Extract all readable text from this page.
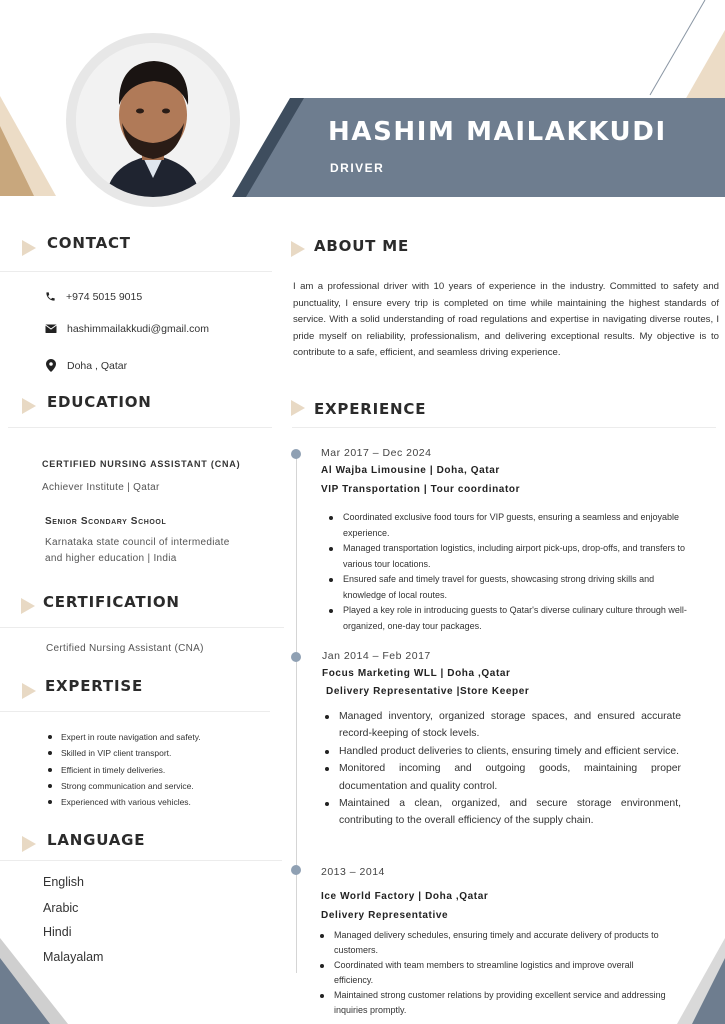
HASHIM MAILAKKUDI
DRIVER
CONTACT
+974 5015 9015
hashimmailakkudi@gmail.com
Doha , Qatar
EDUCATION
CERTIFIED NURSING ASSISTANT (CNA)
Achiever Institute | Qatar
Senior Scondary School
Karnataka state council of intermediate
and higher education | India
CERTIFICATION
Certified Nursing Assistant (CNA)
EXPERTISE
Expert in route navigation and safety.
Skilled in VIP client transport.
Efficient in timely deliveries.
Strong communication and service.
Experienced with various vehicles.
LANGUAGE
English
Arabic
Hindi
Malayalam
ABOUT ME
I am a professional driver with 10 years of experience in the industry. Committed to safety and punctuality, I ensure every trip is completed on time while maintaining the highest standards of service. With a solid understanding of road regulations and expertise in navigating diverse routes, I pride myself on reliability, professionalism, and delivering exceptional results. My objective is to contribute to a safe, efficient, and seamless driving experience.
EXPERIENCE
Mar 2017 – Dec 2024
Al Wajba Limousine | Doha, Qatar
VIP Transportation | Tour coordinator
Coordinated exclusive food tours for VIP guests, ensuring a seamless and enjoyable experience.
Managed transportation logistics, including airport pick-ups, drop-offs, and transfers to various tour locations.
Ensured safe and timely travel for guests, showcasing strong driving skills and knowledge of local routes.
Played a key role in introducing guests to Qatar's diverse culinary culture through well-organized, one-day tour packages.
Jan 2014 – Feb 2017
Focus Marketing WLL | Doha ,Qatar
Delivery Representative |Store Keeper
Managed inventory, organized storage spaces, and ensured accurate record-keeping of stock levels.
Handled product deliveries to clients, ensuring timely and efficient service.
Monitored incoming and outgoing goods, maintaining proper documentation and quality control.
Maintained a clean, organized, and secure storage environment, contributing to the overall efficiency of the supply chain.
2013 – 2014
Ice World Factory | Doha ,Qatar
Delivery Representative
Managed delivery schedules, ensuring timely and accurate delivery of products to customers.
Coordinated with team members to streamline logistics and improve overall efficiency.
Maintained strong customer relations by providing excellent service and addressing inquiries promptly.
